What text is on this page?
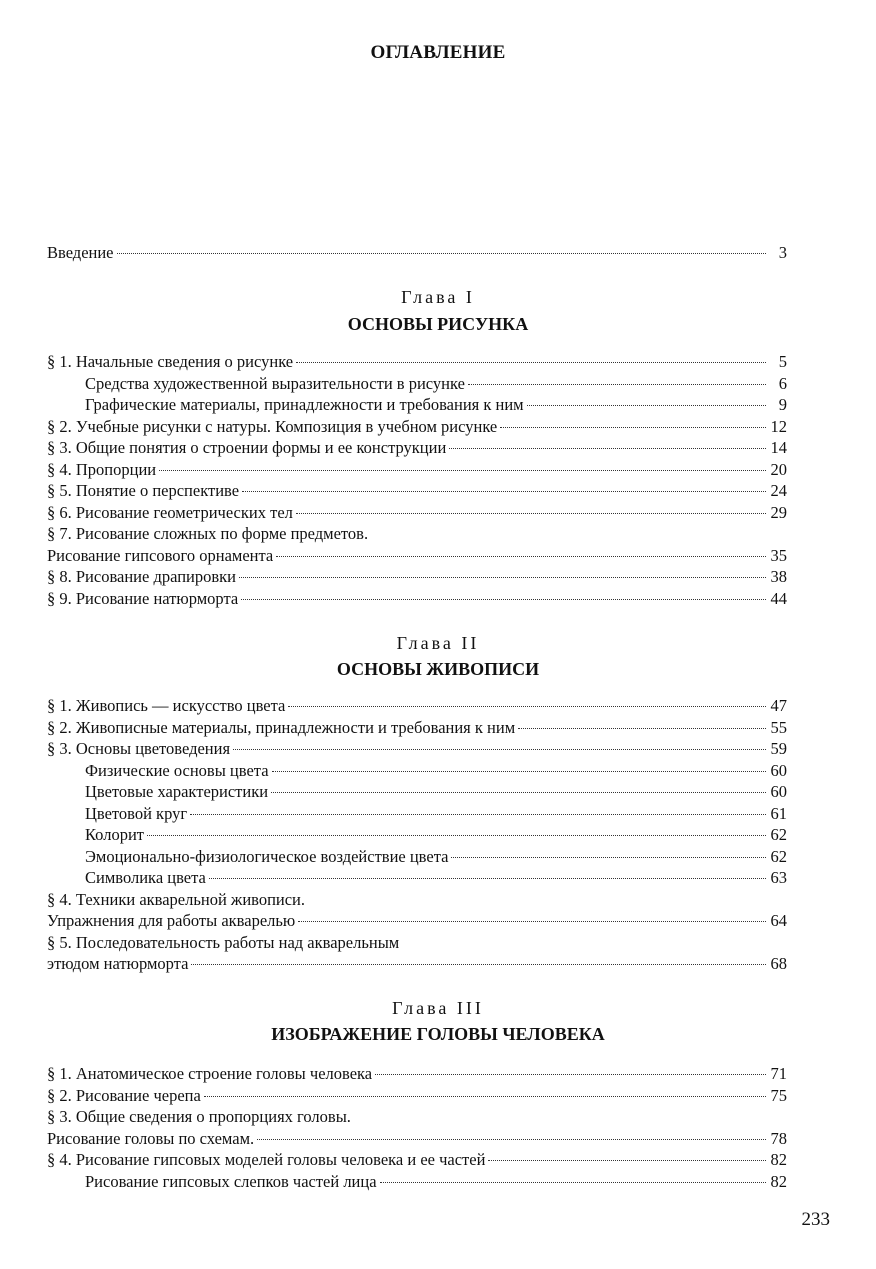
ОГЛАВЛЕНИЕ
Введение	3
Глава I
ОСНОВЫ РИСУНКА
§ 1. Начальные сведения о рисунке	5
Средства художественной выразительности в рисунке	6
Графические материалы, принадлежности и требования к ним	9
§ 2. Учебные рисунки с натуры. Композиция в учебном рисунке	12
§ 3. Общие понятия о строении формы и ее конструкции	14
§ 4. Пропорции	20
§ 5. Понятие о перспективе	24
§ 6. Рисование геометрических тел	29
§ 7. Рисование сложных по форме предметов.
Рисование гипсового орнамента	35
§ 8. Рисование драпировки	38
§ 9. Рисование натюрморта	44
Глава II
ОСНОВЫ ЖИВОПИСИ
§ 1. Живопись — искусство цвета	47
§ 2. Живописные материалы, принадлежности и требования к ним	55
§ 3. Основы цветоведения	59
Физические основы цвета	60
Цветовые характеристики	60
Цветовой круг	61
Колорит	62
Эмоционально-физиологическое воздействие цвета	62
Символика цвета	63
§ 4. Техники акварельной живописи.
Упражнения для работы акварелью	64
§ 5. Последовательность работы над акварельным
этюдом натюрморта	68
Глава III
ИЗОБРАЖЕНИЕ ГОЛОВЫ ЧЕЛОВЕКА
§ 1. Анатомическое строение головы человека	71
§ 2. Рисование черепа	75
§ 3. Общие сведения о пропорциях головы.
Рисование головы по схемам.	78
§ 4. Рисование гипсовых моделей головы человека и ее частей	82
Рисование гипсовых слепков частей лица	82
233
